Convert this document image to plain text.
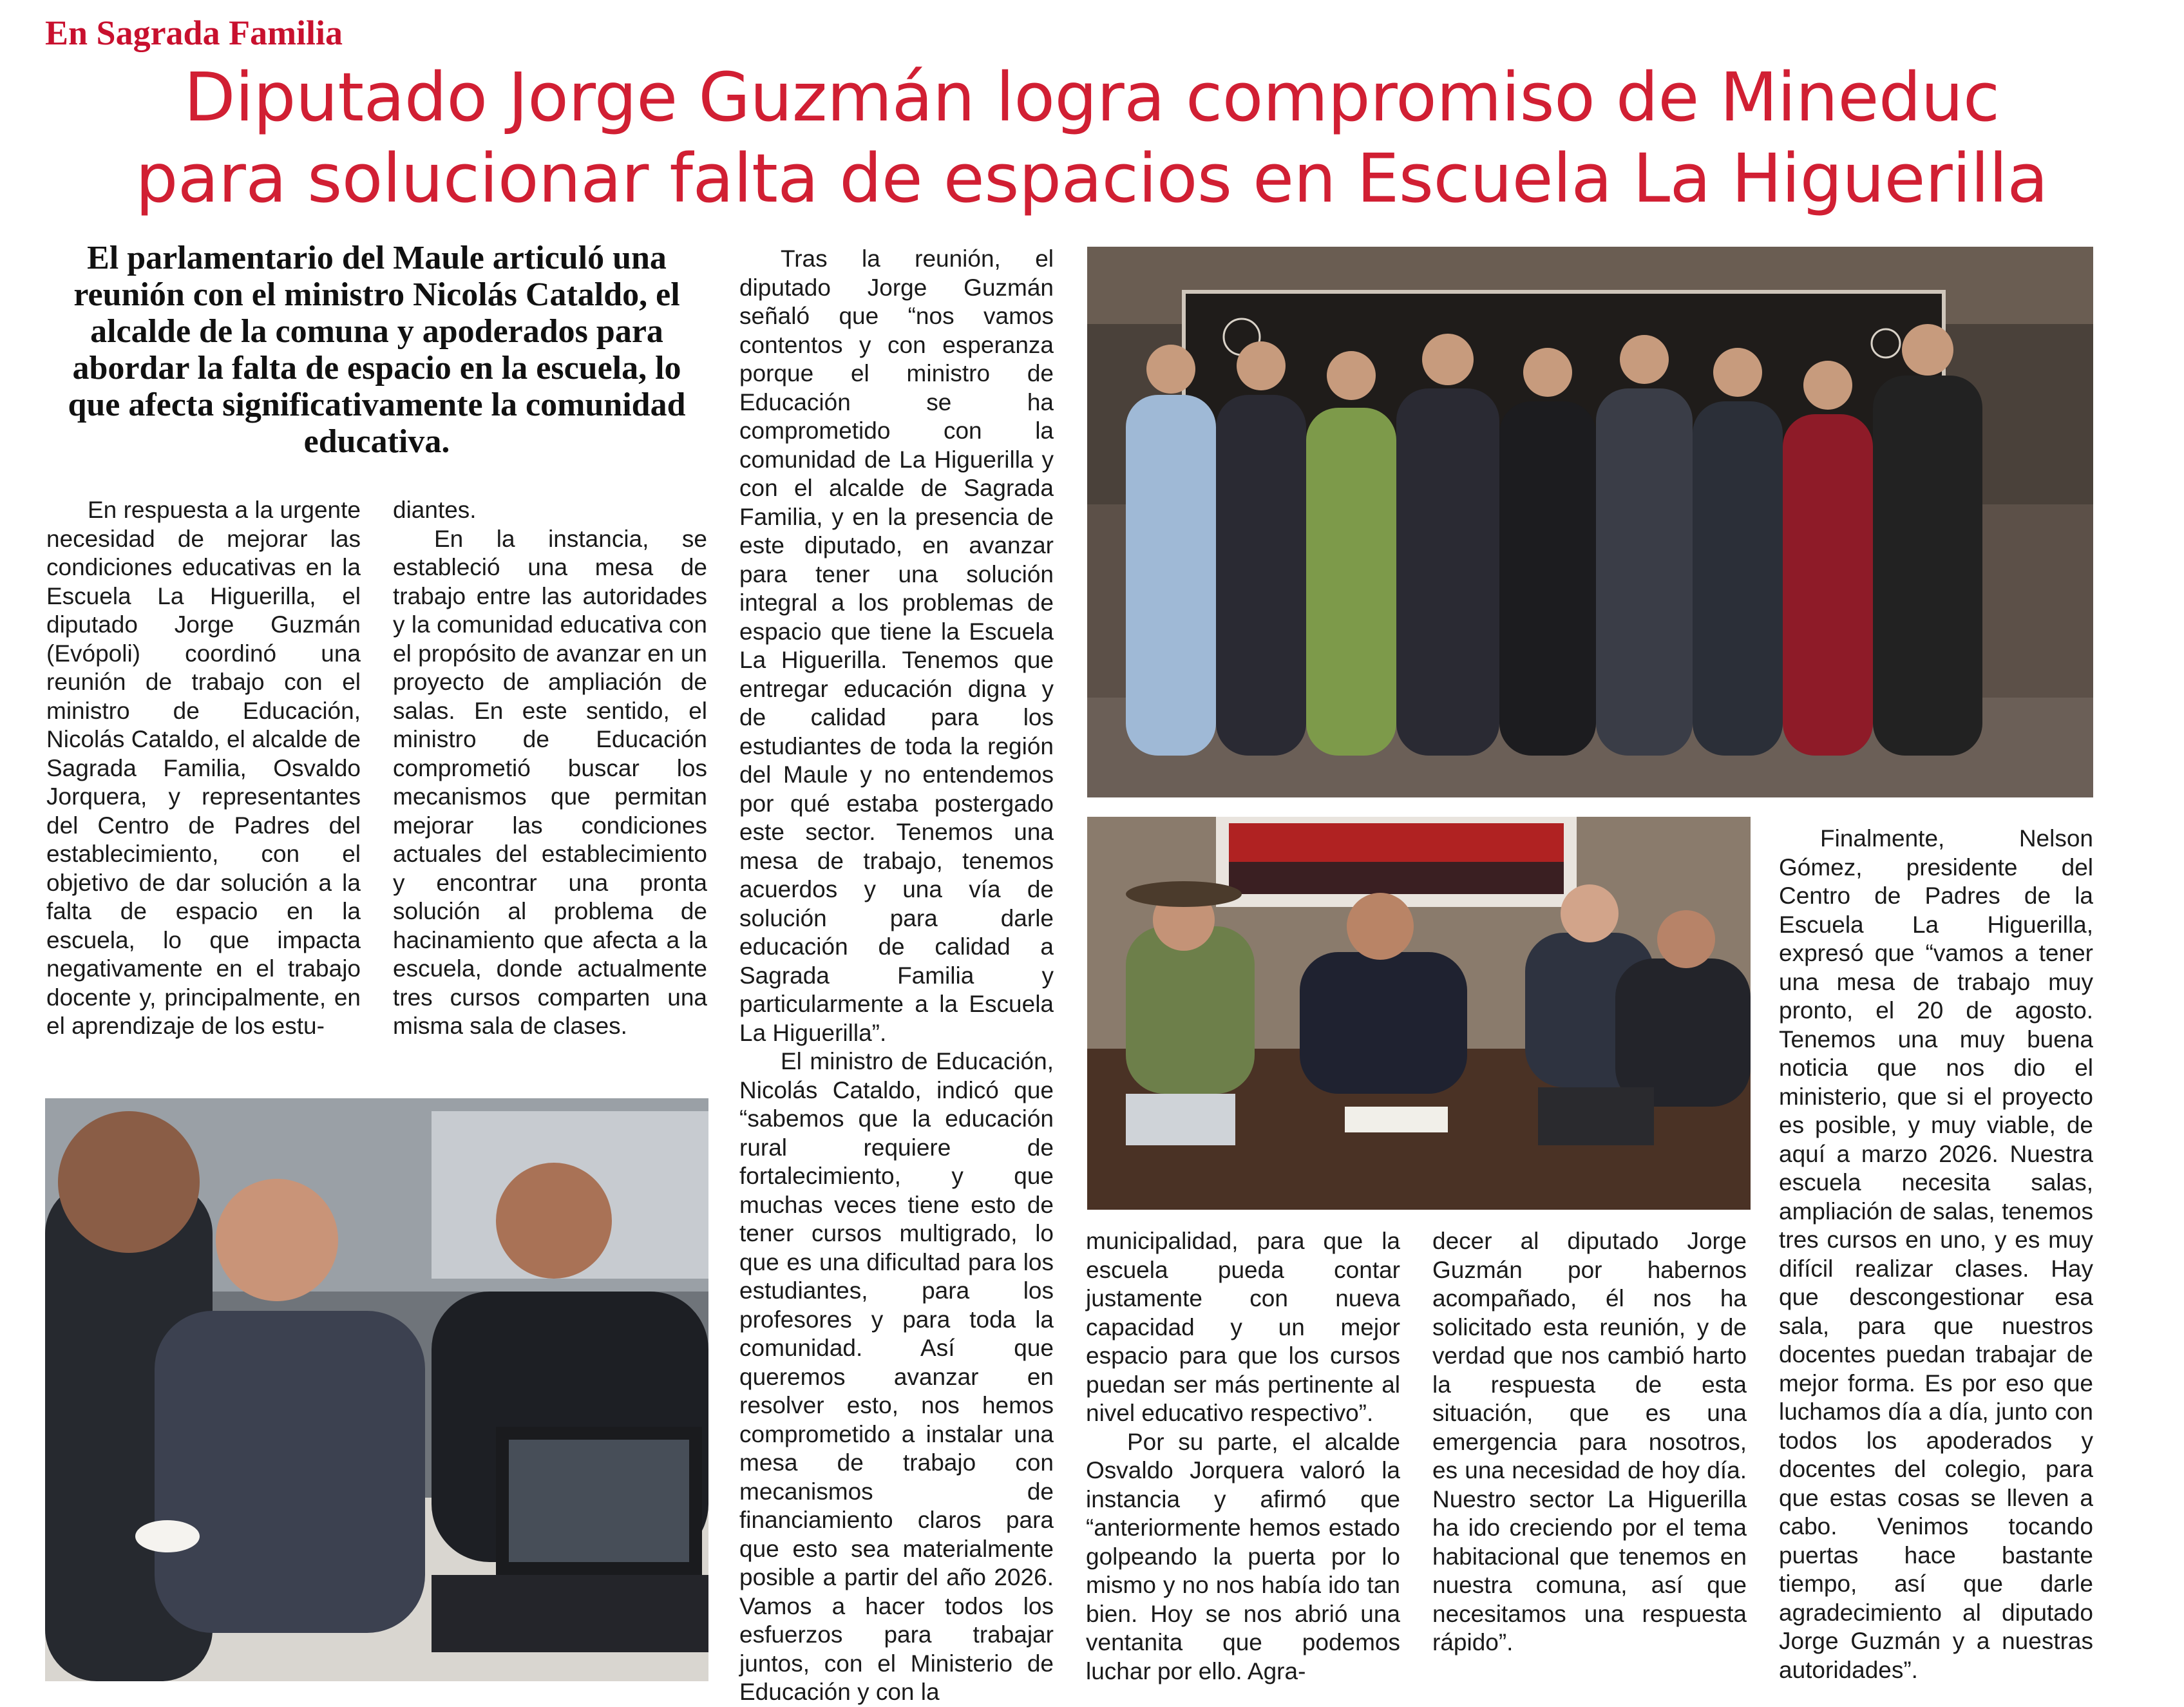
En Sagrada Familia
Diputado Jorge Guzmán logra compromiso de Mineduc
para solucionar falta de espacios en Escuela La Higuerilla

El parlamentario del Maule articuló una reunión con el ministro Nicolás Cataldo, el alcalde de la comuna y apoderados para abordar la falta de espacio en la escuela, lo que afecta significativamente la comunidad educativa.

En respuesta a la urgente necesidad de mejorar las condiciones educativas en la Escuela La Higuerilla, el diputado Jorge Guzmán (Evópoli) coordinó una reunión de trabajo con el ministro de Educación, Nicolás Cataldo, el alcalde de Sagrada Familia, Osvaldo Jorquera, y representantes del Centro de Padres del establecimiento, con el objetivo de dar solución a la falta de espacio en la escuela, lo que impacta negativamente en el trabajo docente y, principalmente, en el aprendizaje de los estu-

diantes.

En la instancia, se estableció una mesa de trabajo entre las autoridades y la comunidad educativa con el propósito de avanzar en un proyecto de ampliación de salas. En este sentido, el ministro de Educación comprometió buscar los mecanismos que permitan mejorar las condiciones actuales del establecimiento y encontrar una pronta solución al problema de hacinamiento que afecta a la escuela, donde actualmente tres cursos comparten una misma sala de clases.

Tras la reunión, el diputado Jorge Guzmán señaló que “nos vamos contentos y con esperanza porque el ministro de Educación se ha comprometido con la comunidad de La Higuerilla y con el alcalde de Sagrada Familia, y en la presencia de este diputado, en avanzar para tener una solución integral a los problemas de espacio que tiene la Escuela La Higuerilla. Tenemos que entregar educación digna y de calidad para los estudiantes de toda la región del Maule y no entendemos por qué estaba postergado este sector. Tenemos una mesa de trabajo, tenemos acuerdos y una vía de solución para darle educación de calidad a Sagrada Familia y particularmente a la Escuela La Higuerilla”.

El ministro de Educación, Nicolás Cataldo, indicó que “sabemos que la educación rural requiere de fortalecimiento, y que muchas veces tiene esto de tener cursos multigrado, lo que es una dificultad para los estudiantes, para los profesores y para toda la comunidad. Así que queremos avanzar en resolver esto, nos hemos comprometido a instalar una mesa de trabajo con mecanismos de financiamiento claros para que esto sea materialmente posible a partir del año 2026. Vamos a hacer todos los esfuerzos para trabajar juntos, con el Ministerio de Educación y con la

municipalidad, para que la escuela pueda contar justamente con nueva capacidad y un mejor espacio para que los cursos puedan ser más pertinente al nivel educativo respectivo”.

Por su parte, el alcalde Osvaldo Jorquera valoró la instancia y afirmó que “anteriormente hemos estado golpeando la puerta por lo mismo y no nos había ido tan bien. Hoy se nos abrió una ventanita que podemos luchar por ello. Agra-

decer al diputado Jorge Guzmán por habernos acompañado, él nos ha solicitado esta reunión, y de verdad que nos cambió harto la respuesta de esta situación, que es una emergencia para nosotros, es una necesidad de hoy día. Nuestro sector La Higuerilla ha ido creciendo por el tema habitacional que tenemos en nuestra comuna, así que necesitamos una respuesta rápido”.

Finalmente, Nelson Gómez, presidente del Centro de Padres de la Escuela La Higuerilla, expresó que “vamos a tener una mesa de trabajo muy pronto, el 20 de agosto. Tenemos una muy buena noticia que nos dio el ministerio, que si el proyecto es posible, y muy viable, de aquí a marzo 2026. Nuestra escuela necesita salas, ampliación de salas, tenemos tres cursos en uno, y es muy difícil realizar clases. Hay que descongestionar esa sala, para que nuestros docentes puedan trabajar de mejor forma. Es por eso que luchamos día a día, junto con todos los apoderados y docentes del colegio, para que estas cosas se lleven a cabo. Venimos tocando puertas hace bastante tiempo, así que darle agradecimiento al diputado Jorge Guzmán y a nuestras autoridades”.
